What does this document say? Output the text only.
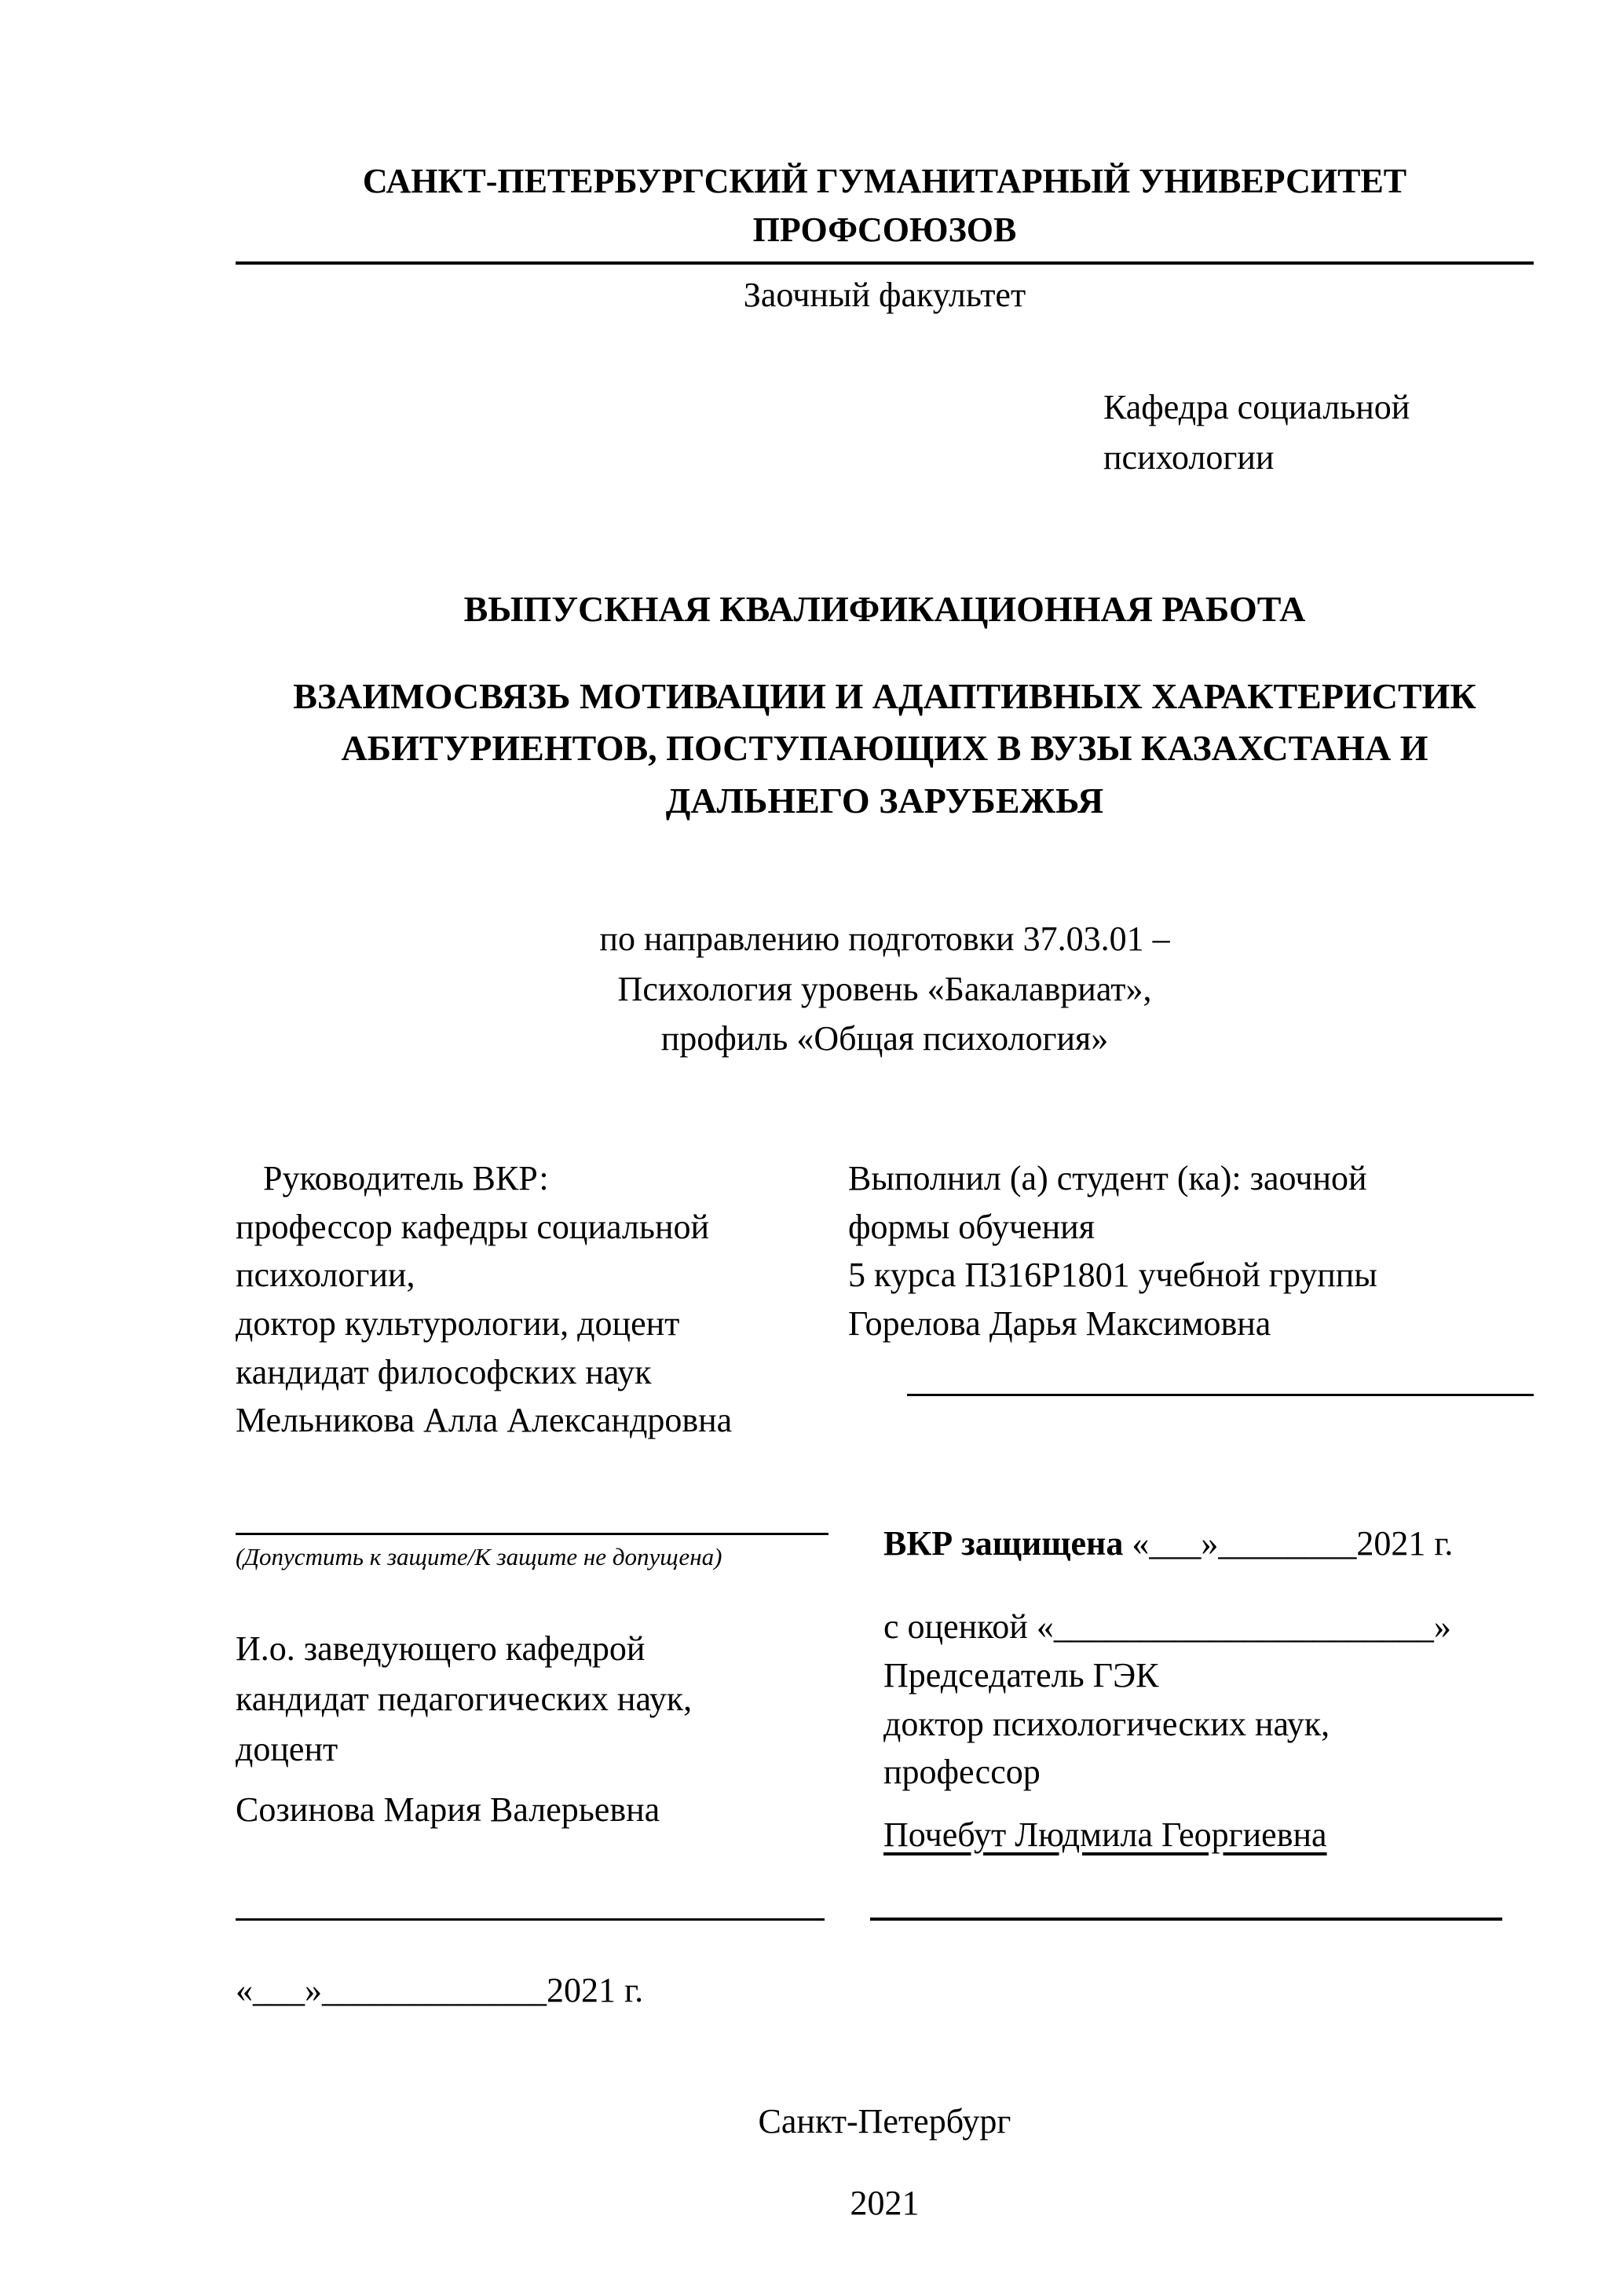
САНКТ-ПЕТЕРБУРГСКИЙ ГУМАНИТАРНЫЙ УНИВЕРСИТЕТ ПРОФСОЮЗОВ
Заочный факультет
Кафедра социальной
психологии
ВЫПУСКНАЯ КВАЛИФИКАЦИОННАЯ РАБОТА
ВЗАИМОСВЯЗЬ МОТИВАЦИИ И АДАПТИВНЫХ ХАРАКТЕРИСТИК
АБИТУРИЕНТОВ, ПОСТУПАЮЩИХ В ВУЗЫ КАЗАХСТАНА И
ДАЛЬНЕГО ЗАРУБЕЖЬЯ
по направлению подготовки 37.03.01 –
Психология уровень «Бакалавриат»,
профиль «Общая психология»
Руководитель ВКР:
профессор кафедры социальной
психологии,
доктор культурологии, доцент
кандидат философских наук
Мельникова Алла Александровна
Выполнил (а) студент (ка): заочной
формы обучения
5 курса П316Р1801 учебной группы
Горелова Дарья Максимовна
(Допустить к защите/К защите не допущена)
И.о. заведующего кафедрой
кандидат педагогических наук,
доцент
Созинова Мария Валерьевна
ВКР защищена «___»________2021 г.
с оценкой «______________________»
Председатель ГЭК
доктор психологических наук,
профессор
Почебут Людмила Георгиевна
«___»_____________2021 г.
Санкт-Петербург
2021
